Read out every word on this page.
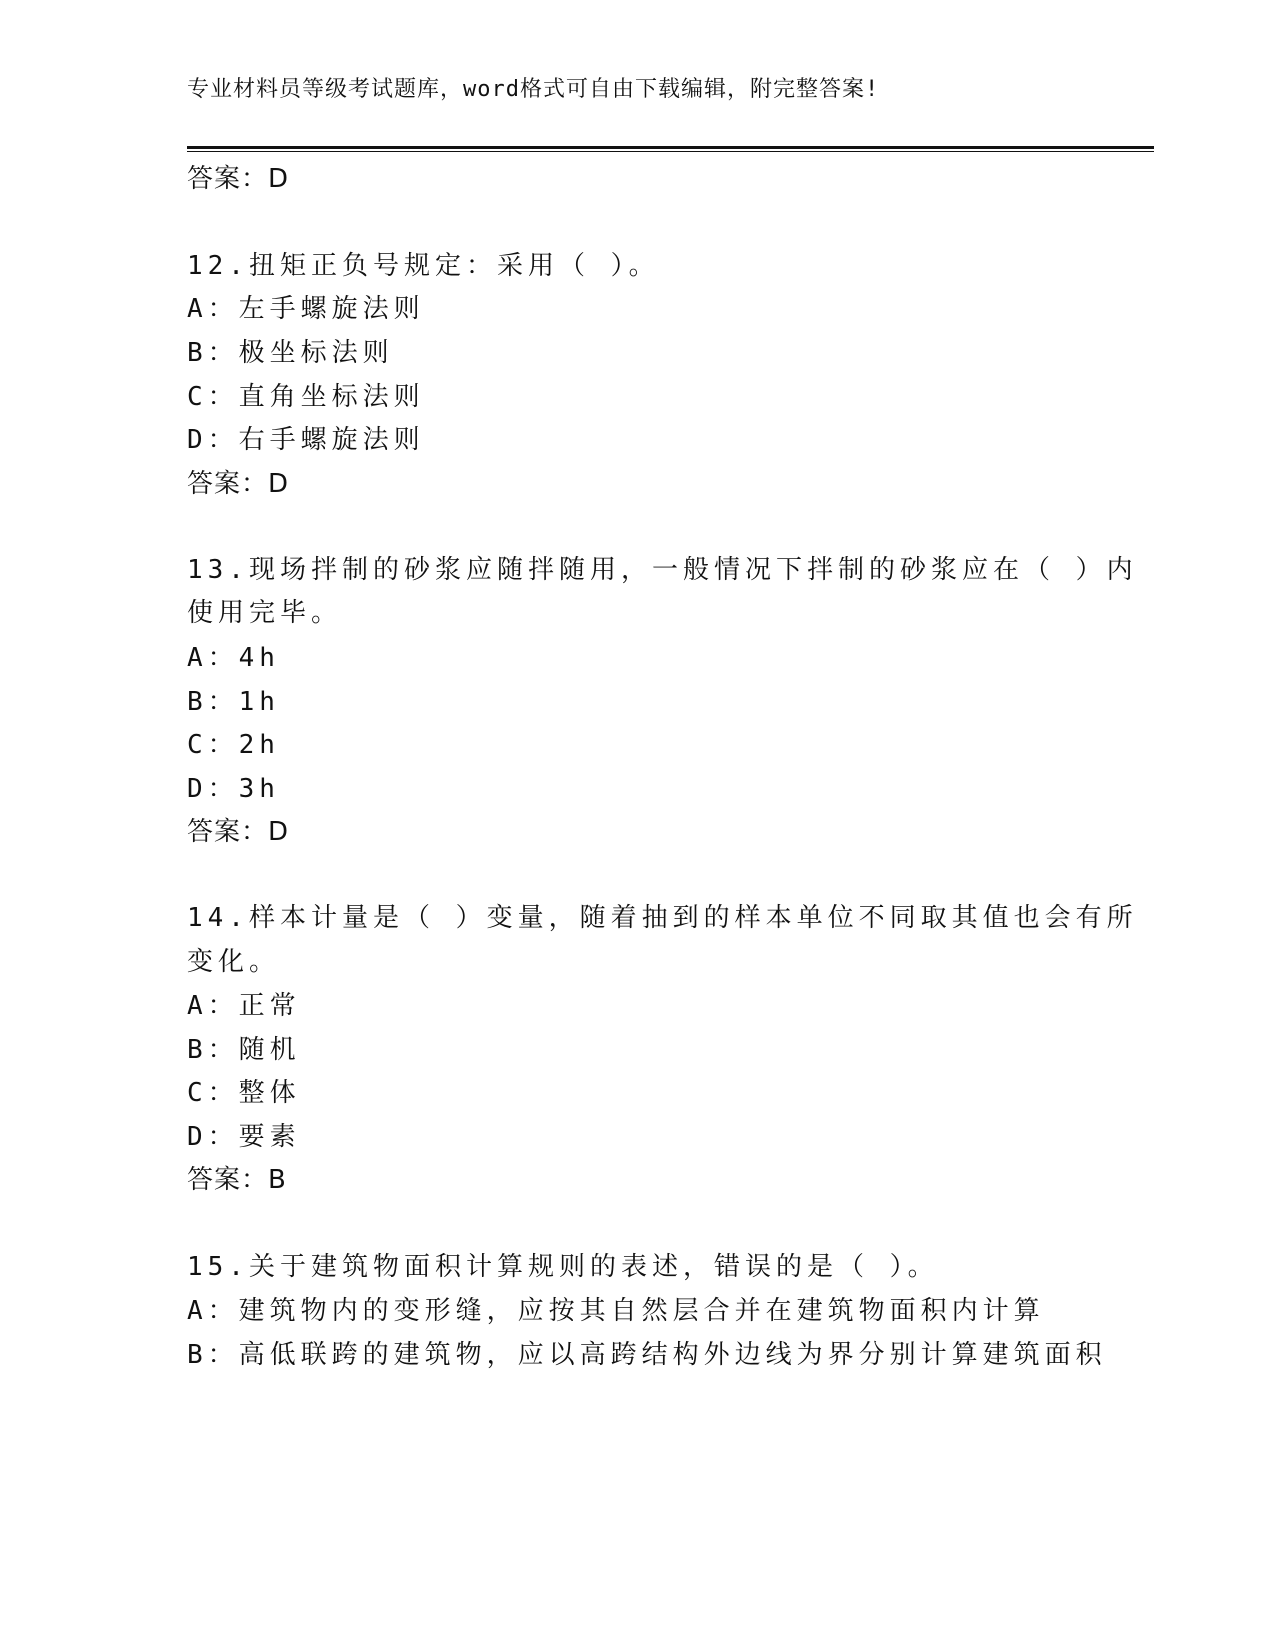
专业材料员等级考试题库，word格式可自由下载编辑，附完整答案!
答案：D
12.扭矩正负号规定：采用（ ）。
A：左手螺旋法则
B：极坐标法则
C：直角坐标法则
D：右手螺旋法则
答案：D
13.现场拌制的砂浆应随拌随用，一般情况下拌制的砂浆应在（ ）内
使用完毕。
A：4h
B：1h
C：2h
D：3h
答案：D
14.样本计量是（ ）变量，随着抽到的样本单位不同取其值也会有所
变化。
A：正常
B：随机
C：整体
D：要素
答案：B
15.关于建筑物面积计算规则的表述，错误的是（ ）。
A：建筑物内的变形缝，应按其自然层合并在建筑物面积内计算
B：高低联跨的建筑物，应以高跨结构外边线为界分别计算建筑面积
